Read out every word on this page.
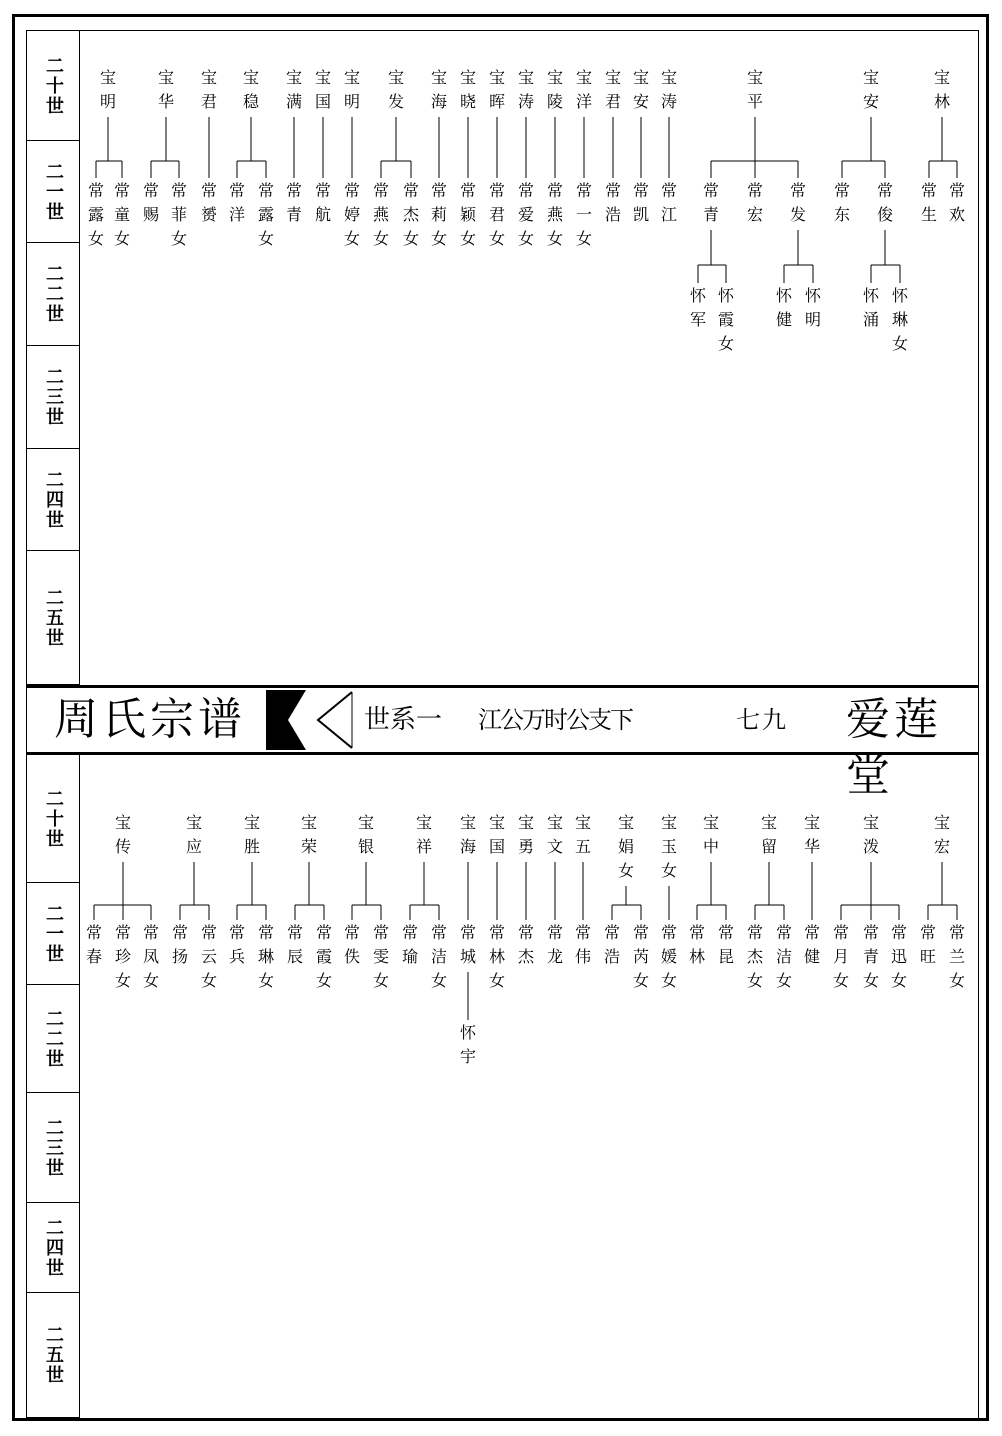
二十世
二一世
二二世
二三世
二四世
二五世
宝
明
常
露
女
常
童
女
宝
华
常
赐
常
菲
女
宝
君
常
赟
宝
稳
常
洋
常
露
女
宝
满
常
青
宝
国
常
航
宝
明
常
婷
女
宝
发
常
燕
女
常
杰
女
宝
海
常
莉
女
宝
晓
常
颖
女
宝
晖
常
君
女
宝
涛
常
爱
女
宝
陵
常
燕
女
宝
洋
常
一
女
宝
君
常
浩
宝
安
常
凯
宝
涛
常
江
宝
平
常
青
怀
军
怀
霞
女
常
宏
常
发
怀
健
怀
明
宝
安
常
东
常
俊
怀
涌
怀
琳
女
宝
林
常
生
常
欢
周氏宗谱	世系一 江公万时公支下	七九 爱莲堂
二十世
二一世
二二世
二三世
二四世
二五世
宝
传
常
春
常
珍
女
常
凤
女
宝
应
常
扬
常
云
女
宝
胜
常
兵
常
琳
女
宝
荣
常
辰
常
霞
女
宝
银
常
佚
常
雯
女
宝
祥
常
瑜
常
洁
女
宝
海
常
城
怀
宇
宝
国
常
林
女
宝
勇
常
杰
宝
文
常
龙
宝
五
常
伟
宝
娟
女
常
浩
常
芮
女
宝
玉
女
常
媛
女
宝
中
常
林
常
昆
宝
留
常
杰
女
常
洁
女
宝
华
常
健
宝
泼
常
月
女
常
青
女
常
迅
女
宝
宏
常
旺
常
兰
女
